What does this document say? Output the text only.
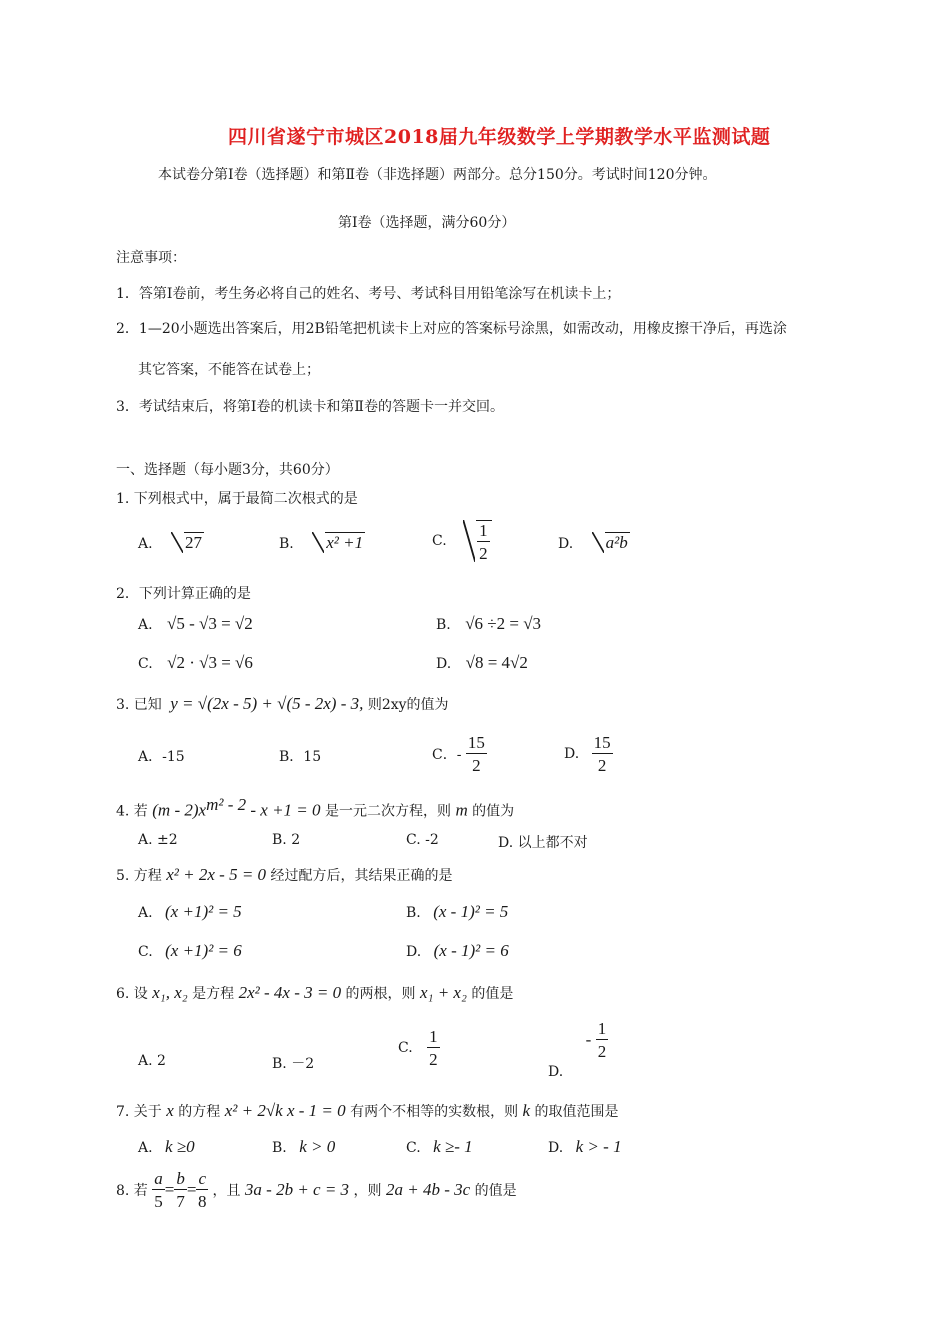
四川省遂宁市城区2018届九年级数学上学期教学水平监测试题
本试卷分第Ⅰ卷（选择题）和第Ⅱ卷（非选择题）两部分。总分150分。考试时间120分钟。
第Ⅰ卷（选择题，满分60分）
注意事项：
1．答第Ⅰ卷前，考生务必将自己的姓名、考号、考试科目用铅笔涂写在机读卡上；
2．1—20小题选出答案后，用2B铅笔把机读卡上对应的答案标号涂黑，如需改动，用橡皮擦干净后，再选涂
其它答案，不能答在试卷上；
3．考试结束后，将第Ⅰ卷的机读卡和第Ⅱ卷的答题卡一并交回。
一、选择题（每小题3分，共60分）
1. 下列根式中，属于最简二次根式的是
A. 27	B. x² +1	C. $\frac{1}{2}$	D. a²b
2．下列计算正确的是
A. √5 - √3 = √2	B. √6 ÷2 = √3
C. √2 · √3 = √6	D. √8 = 4√2
3. 已知 y = √(2x - 5) + √(5 - 2x) - 3, 则2xy的值为
A．-15	B．15	C．- $\frac{15}{2}$	D. $\frac{15}{2}$
4. 若 $(m - 2)x^{m^2 - 2} - x +1 = 0$ 是一元二次方程，则 m 的值为
A. ±2	B. 2	C. -2	D. 以上都不对
5. 方程 x² + 2x - 5 = 0 经过配方后，其结果正确的是
A. (x +1)² = 5	B. (x - 1)² = 5
C. (x +1)² = 6	D. (x - 1)² = 6
6. 设 x₁, x₂ 是方程 2x² - 4x - 3 = 0 的两根，则 x₁ + x₂ 的值是
A. 2	B. －2
C. $\frac{1}{2}$
D. - $\frac{1}{2}$
7. 关于 x 的方程 x² + 2√k x - 1 = 0 有两个不相等的实数根，则 k 的取值范围是
A. k ≥0	B. k > 0	C. k ≥- 1	D. k > - 1
8. 若 $\frac{a}{5} = \frac{b}{7} = \frac{c}{8}$ ，且 3a - 2b + c = 3 ，则 2a + 4b - 3c 的值是
